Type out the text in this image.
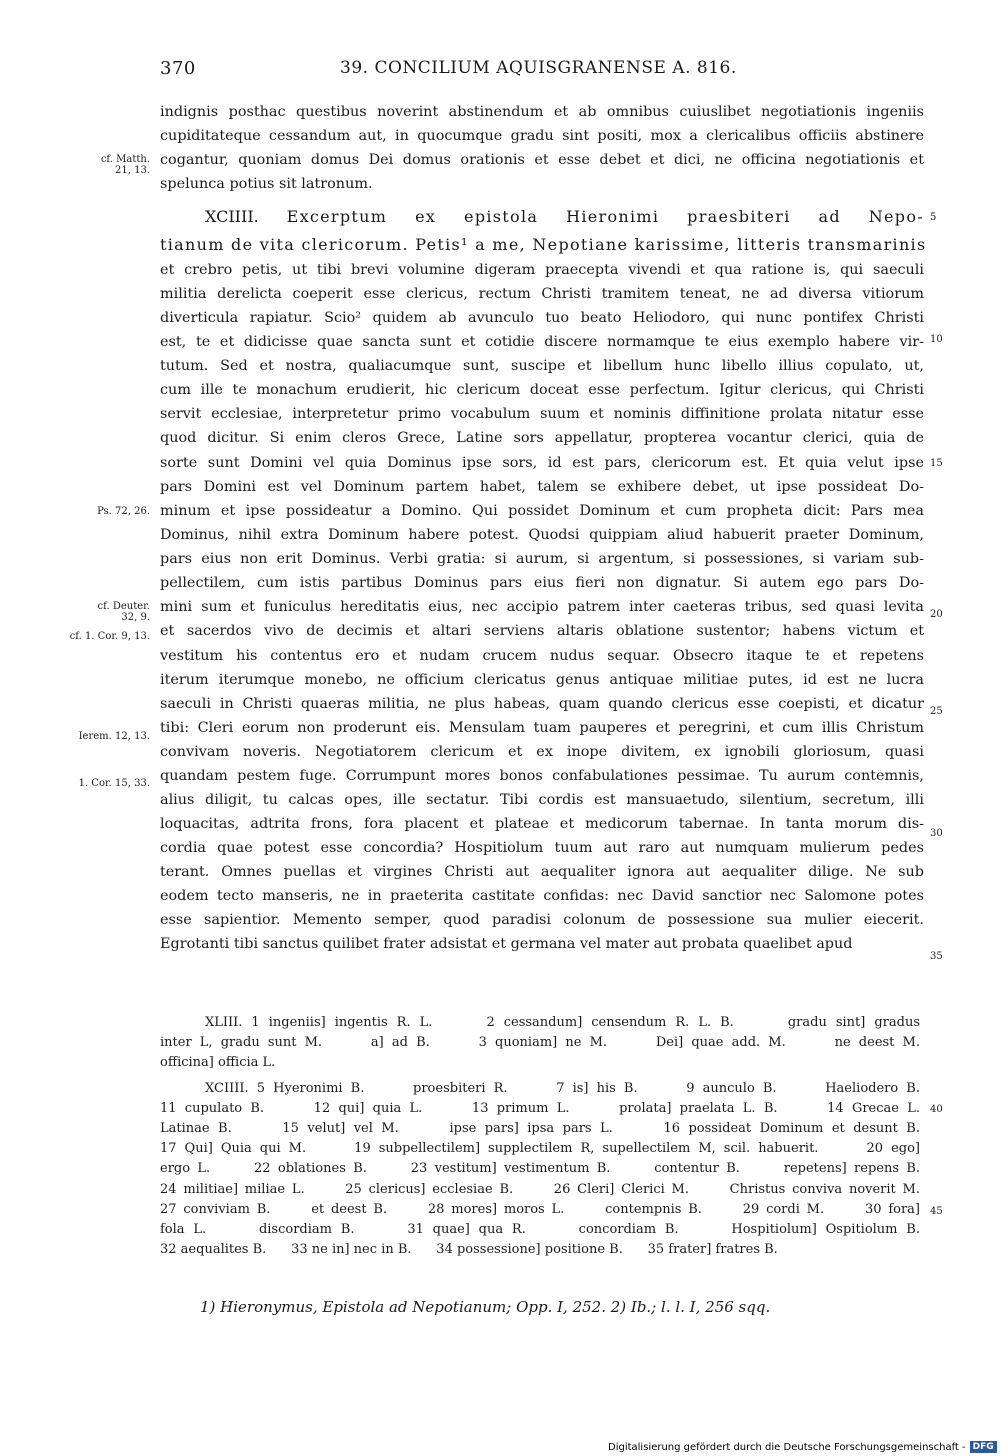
370	39. CONCILIUM AQUISGRANENSE A. 816.
indignis posthac questibus noverint abstinendum et ab omnibus cuiuslibet negotiationis ingeniis
cupiditateque cessandum aut, in quocumque gradu sint positi, mox a clericalibus officiis abstinere
cogantur, quoniam domus Dei domus orationis et esse debet et dici, ne officina negotiationis et
spelunca potius sit latronum.
tianum de vita clericorum. Petis¹ a me, Nepotiane karissime, litteris transmarinis
et crebro petis, ut tibi brevi volumine digeram praecepta vivendi et qua ratione is, qui saeculi
militia derelicta coeperit esse clericus, rectum Christi tramitem teneat, ne ad diversa vitiorum
diverticula rapiatur. Scio² quidem ab avunculo tuo beato Heliodoro, qui nunc pontifex Christi
est, te et didicisse quae sancta sunt et cotidie discere normamque te eius exemplo habere vir-
tutum. Sed et nostra, qualiacumque sunt, suscipe et libellum hunc libello illius copulato, ut,
cum ille te monachum erudierit, hic clericum doceat esse perfectum. Igitur clericus, qui Christi
servit ecclesiae, interpretetur primo vocabulum suum et nominis diffinitione prolata nitatur esse
quod dicitur. Si enim cleros Grece, Latine sors appellatur, propterea vocantur clerici, quia de
sorte sunt Domini vel quia Dominus ipse sors, id est pars, clericorum est. Et quia velut ipse
pars Domini est vel Dominum partem habet, talem se exhibere debet, ut ipse possideat Do-
minum et ipse possideatur a Domino. Qui possidet Dominum et cum propheta dicit: Pars mea
Dominus, nihil extra Dominum habere potest. Quodsi quippiam aliud habuerit praeter Dominum,
pars eius non erit Dominus. Verbi gratia: si aurum, si argentum, si possessiones, si variam sub-
pellectilem, cum istis partibus Dominus pars eius fieri non dignatur. Si autem ego pars Do-
mini sum et funiculus hereditatis eius, nec accipio patrem inter caeteras tribus, sed quasi levita
et sacerdos vivo de decimis et altari serviens altaris oblatione sustentor; habens victum et
vestitum his contentus ero et nudam crucem nudus sequar. Obsecro itaque te et repetens
iterum iterumque monebo, ne officium clericatus genus antiquae militiae putes, id est ne lucra
saeculi in Christi quaeras militia, ne plus habeas, quam quando clericus esse coepisti, et dicatur
tibi: Cleri eorum non proderunt eis. Mensulam tuam pauperes et peregrini, et cum illis Christum
convivam noveris. Negotiatorem clericum et ex inope divitem, ex ignobili gloriosum, quasi
quandam pestem fuge. Corrumpunt mores bonos confabulationes pessimae. Tu aurum contemnis,
alius diligit, tu calcas opes, ille sectatur. Tibi cordis est mansuaetudo, silentium, secretum, illi
loquacitas, adtrita frons, fora placent et plateae et medicorum tabernae. In tanta morum dis-
cordia quae potest esse concordia? Hospitiolum tuum aut raro aut numquam mulierum pedes
terant. Omnes puellas et virgines Christi aut aequaliter ignora aut aequaliter dilige. Ne sub
eodem tecto manseris, ne in praeterita castitate confidas: nec David sanctior nec Salomone potes
esse sapientior. Memento semper, quod paradisi colonum de possessione sua mulier eiecerit.
Egrotanti tibi sanctus quilibet frater adsistat et germana vel mater aut probata quaelibet apud
XCIIII. Excerptum ex epistola Hieronimi praesbiteri ad Nepo-
cf. Matth.
21, 13.
Ps. 72, 26.
cf. Deuter.
32, 9.
cf. 1. Cor. 9, 13.
Ierem. 12, 13.
1. Cor. 15, 33.
5
10
15
20
25
30
35
XLIII. 1 ingeniis] ingentis R. L.      2 cessandum] censendum R. L. B.      gradu sint] gradus
inter L, gradu sunt M.      a] ad B.      3 quoniam] ne M.      Dei] quae add. M.      ne deest M.
officina] officia L.
XCIIII. 5 Hyeronimi B.      proesbiteri R.      7 is] his B.      9 aunculo B.      Haeliodero B.
11 cupulato B.      12 qui] quia L.      13 primum L.      prolata] praelata L. B.      14 Grecae L.
Latinae B.      15 velut] vel M.      ipse pars] ipsa pars L.      16 possideat Dominum et desunt B.
17 Qui] Quia qui M.      19 subpellectilem] supplectilem R, supellectilem M, scil. habuerit.      20 ego]
ergo L.      22 oblationes B.      23 vestitum] vestimentum B.      contentur B.      repetens] repens B.
24 militiae] miliae L.      25 clericus] ecclesiae B.      26 Cleri] Clerici M.      Christus conviva noverit M.
27 conviviam B.      et deest B.      28 mores] moros L.      contempnis B.      29 cordi M.      30 fora]
fola L.      discordiam B.      31 quae] qua R.      concordiam B.      Hospitiolum] Ospitiolum B.
32 aequalites B.      33 ne in] nec in B.      34 possessione] positione B.      35 frater] fratres B.
40
45
1) Hieronymus, Epistola ad Nepotianum; Opp. I, 252. 2) Ib.; l. l. I, 256 sqq.
Digitalisierung gefördert durch die Deutsche Forschungsgemeinschaft - DFG
